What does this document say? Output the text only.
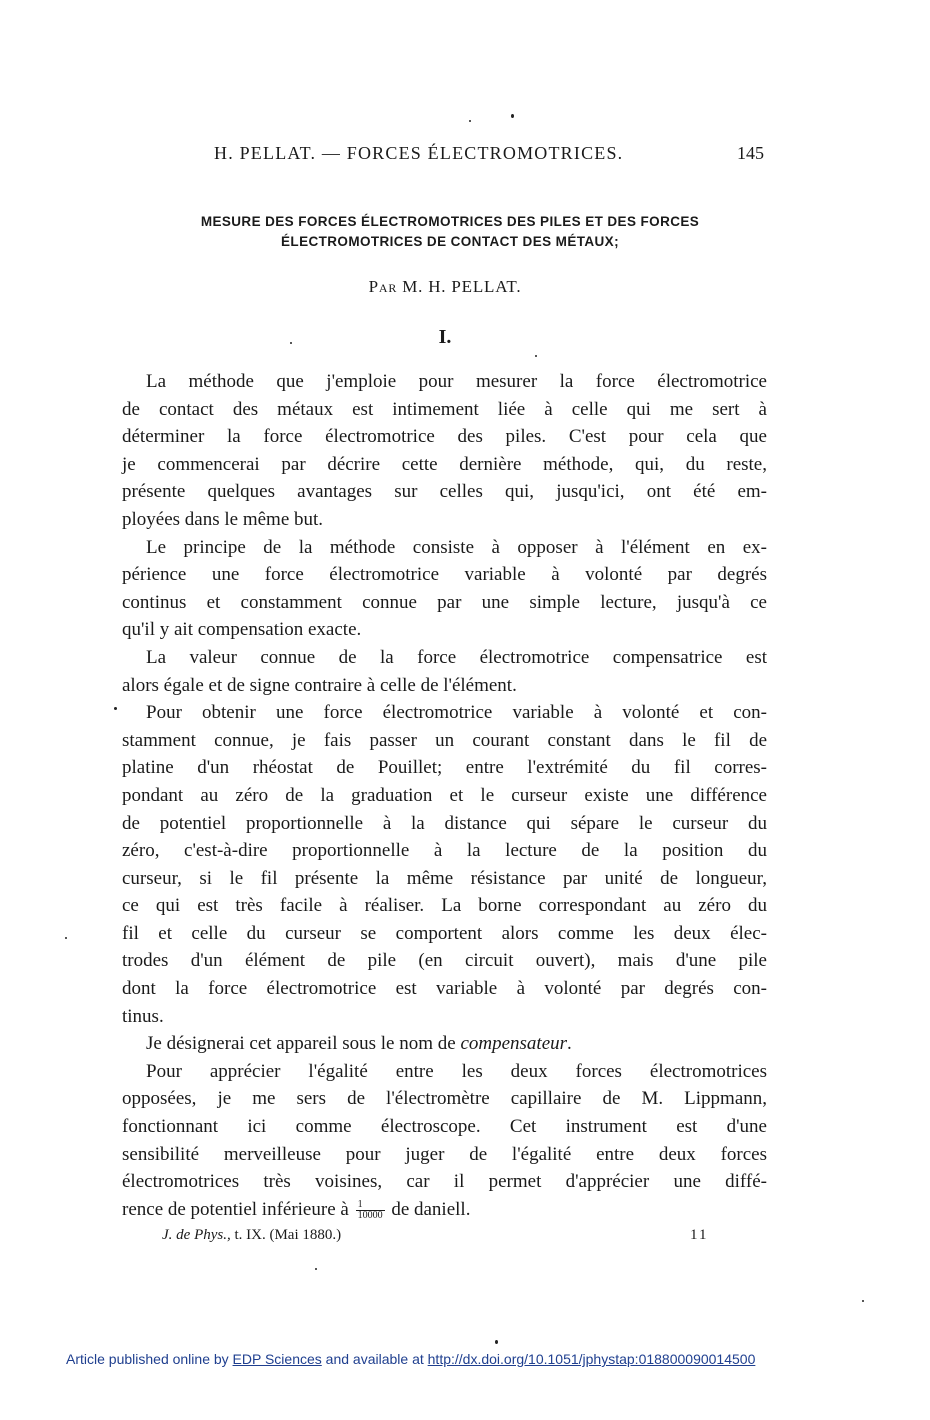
H. PELLAT. — FORCES ÉLECTROMOTRICES.	145
MESURE DES FORCES ÉLECTROMOTRICES DES PILES ET DES FORCES
ÉLECTROMOTRICES DE CONTACT DES MÉTAUX;
Par M. H. PELLAT.
I.
La méthode que j'emploie pour mesurer la force électromotrice
de contact des métaux est intimement liée à celle qui me sert à
déterminer la force électromotrice des piles. C'est pour cela que
je commencerai par décrire cette dernière méthode, qui, du reste,
présente quelques avantages sur celles qui, jusqu'ici, ont été em-
ployées dans le même but.
Le principe de la méthode consiste à opposer à l'élément en ex-
périence une force électromotrice variable à volonté par degrés
continus et constamment connue par une simple lecture, jusqu'à ce
qu'il y ait compensation exacte.
La valeur connue de la force électromotrice compensatrice est
alors égale et de signe contraire à celle de l'élément.
Pour obtenir une force électromotrice variable à volonté et con-
stamment connue, je fais passer un courant constant dans le fil de
platine d'un rhéostat de Pouillet; entre l'extrémité du fil corres-
pondant au zéro de la graduation et le curseur existe une différence
de potentiel proportionnelle à la distance qui sépare le curseur du
zéro, c'est-à-dire proportionnelle à la lecture de la position du
curseur, si le fil présente la même résistance par unité de longueur,
ce qui est très facile à réaliser. La borne correspondant au zéro du
fil et celle du curseur se comportent alors comme les deux élec-
trodes d'un élément de pile (en circuit ouvert), mais d'une pile
dont la force électromotrice est variable à volonté par degrés con-
tinus.
Je désignerai cet appareil sous le nom de compensateur.
Pour apprécier l'égalité entre les deux forces électromotrices
opposées, je me sers de l'électromètre capillaire de M. Lippmann,
fonctionnant ici comme électroscope. Cet instrument est d'une
sensibilité merveilleuse pour juger de l'égalité entre deux forces
électromotrices très voisines, car il permet d'apprécier une diffé-
rence de potentiel inférieure à $\frac{1}{10000}$ de daniell.
J. de Phys., t. IX. (Mai 1880.)	11
Article published online by EDP Sciences and available at http://dx.doi.org/10.1051/jphystap:018800090014500
